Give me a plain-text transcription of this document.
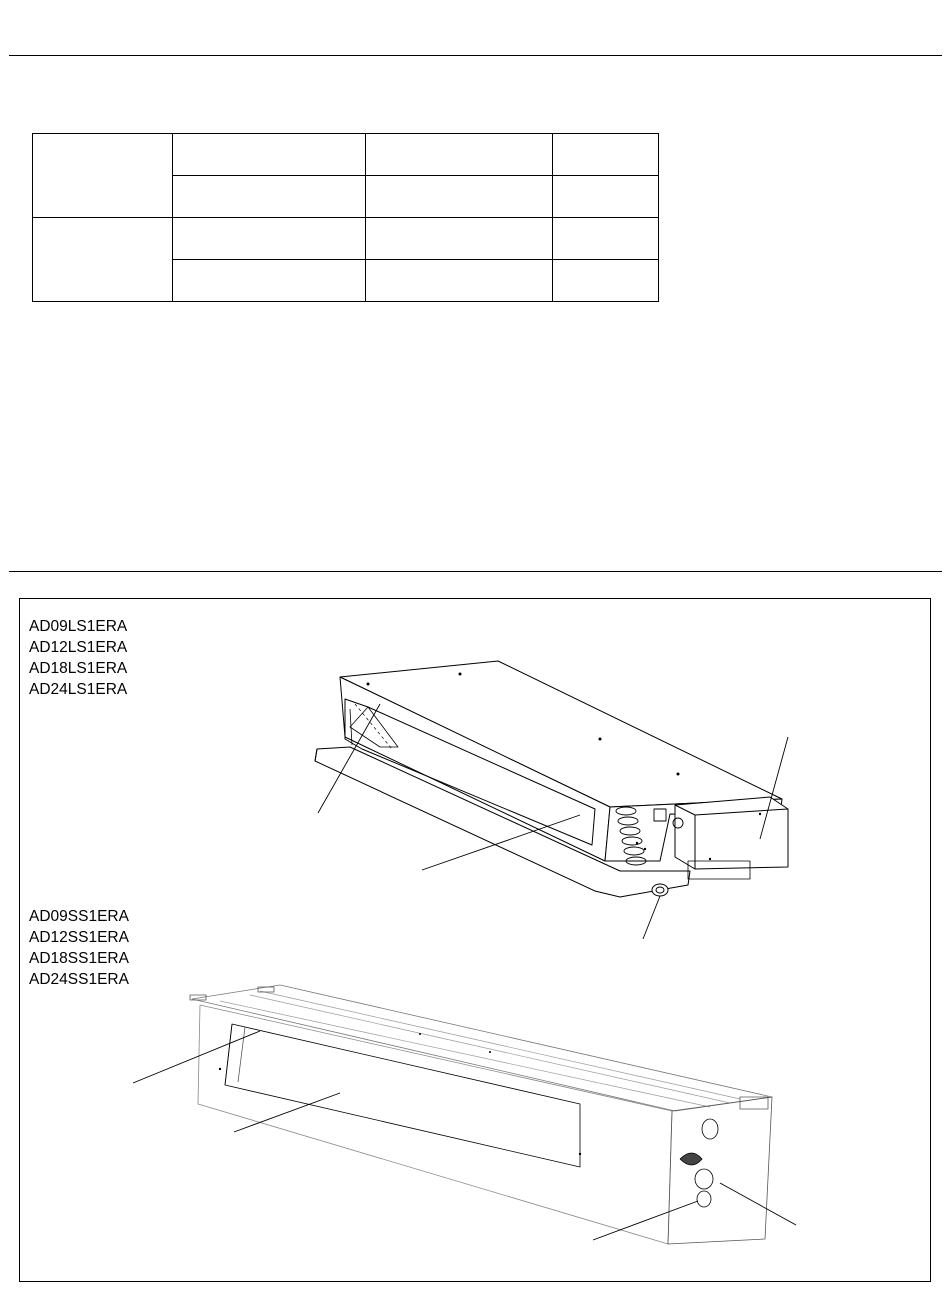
AD09LS1ERA
AD12LS1ERA
AD18LS1ERA
AD24LS1ERA
AD09SS1ERA
AD12SS1ERA
AD18SS1ERA
AD24SS1ERA
